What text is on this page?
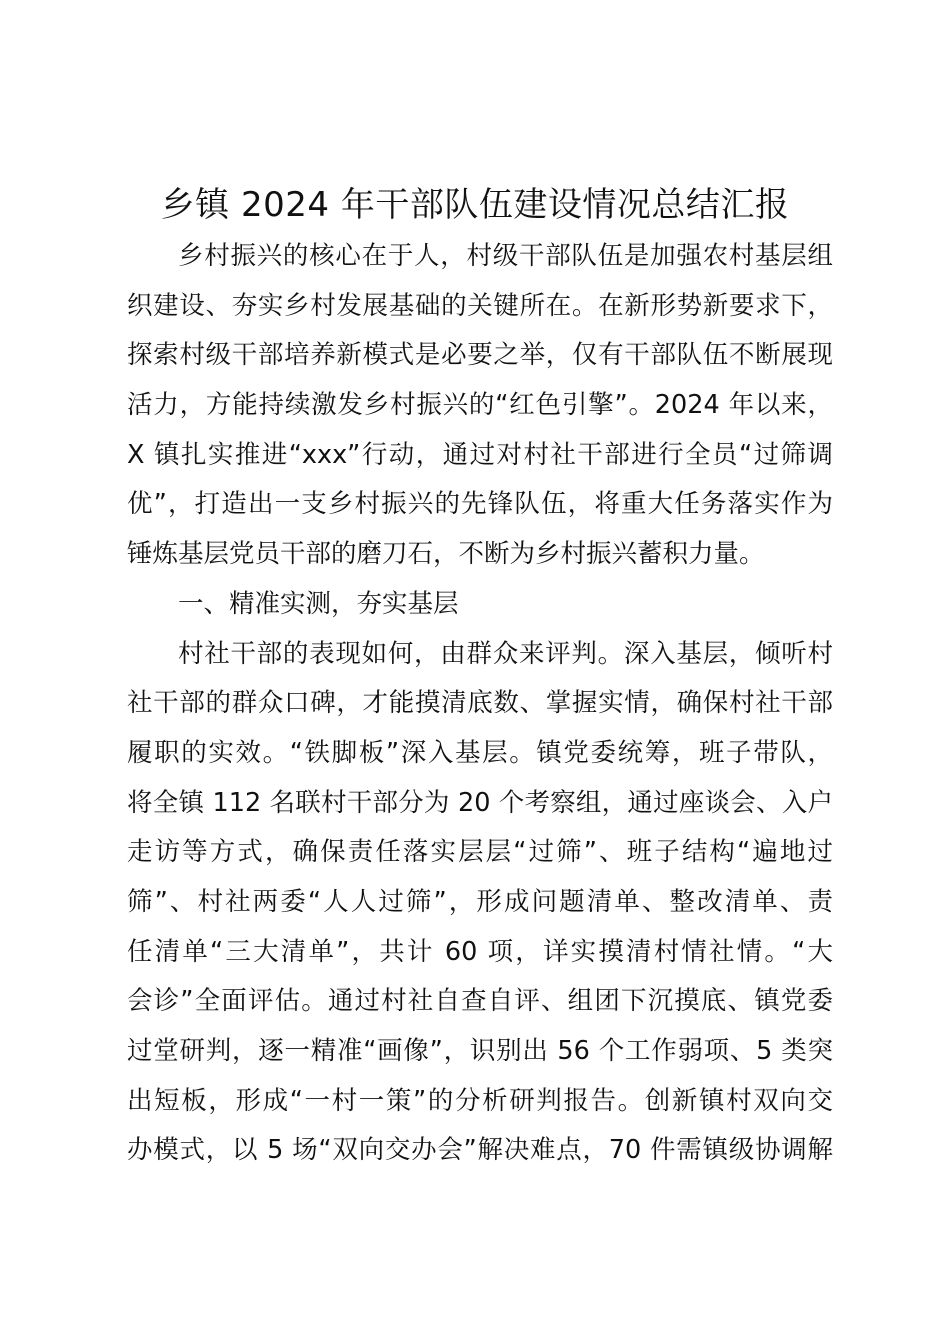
乡镇 2024 年干部队伍建设情况总结汇报
乡村振兴的核心在于人，村级干部队伍是加强农村基层组
织建设、夯实乡村发展基础的关键所在。在新形势新要求下，
探索村级干部培养新模式是必要之举，仅有干部队伍不断展现
活力，方能持续激发乡村振兴的“红色引擎”。2024 年以来，
X 镇扎实推进“xxx”行动，通过对村社干部进行全员“过筛调
优”，打造出一支乡村振兴的先锋队伍，将重大任务落实作为
锤炼基层党员干部的磨刀石，不断为乡村振兴蓄积力量。
一、精准实测，夯实基层
村社干部的表现如何，由群众来评判。深入基层，倾听村
社干部的群众口碑，才能摸清底数、掌握实情，确保村社干部
履职的实效。“铁脚板”深入基层。镇党委统筹，班子带队，
将全镇 112 名联村干部分为 20 个考察组，通过座谈会、入户
走访等方式，确保责任落实层层“过筛”、班子结构“遍地过
筛”、村社两委“人人过筛”，形成问题清单、整改清单、责
任清单“三大清单”，共计 60 项，详实摸清村情社情。“大
会诊”全面评估。通过村社自查自评、组团下沉摸底、镇党委
过堂研判，逐一精准“画像”，识别出 56 个工作弱项、5 类突
出短板，形成“一村一策”的分析研判报告。创新镇村双向交
办模式，以 5 场“双向交办会”解决难点，70 件需镇级协调解
